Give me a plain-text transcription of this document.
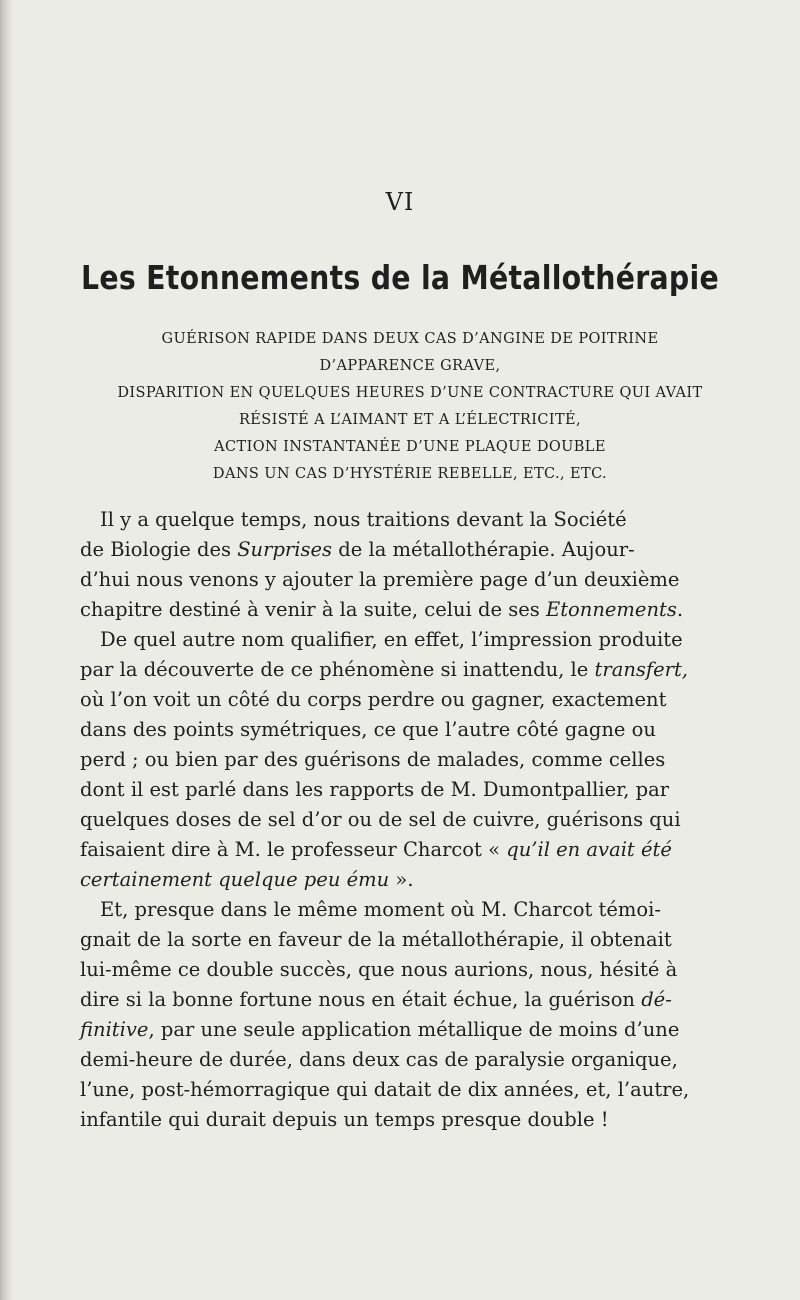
VI
Les Etonnements de la Métallothérapie
GUÉRISON RAPIDE DANS DEUX CAS D’ANGINE DE POITRINE
D’APPARENCE GRAVE,
DISPARITION EN QUELQUES HEURES D’UNE CONTRACTURE QUI AVAIT
RÉSISTÉ A L’AIMANT ET A L’ÉLECTRICITÉ,
ACTION INSTANTANÉE D’UNE PLAQUE DOUBLE
DANS UN CAS D’HYSTÉRIE REBELLE, ETC., ETC.

Il y a quelque temps, nous traitions devant la Société
de Biologie des Surprises de la métallothérapie. Aujour-
d’hui nous venons y ajouter la première page d’un deuxième
chapitre destiné à venir à la suite, celui de ses Etonnements.

De quel autre nom qualifier, en effet, l’impression produite
par la découverte de ce phénomène si inattendu, le transfert,
où l’on voit un côté du corps perdre ou gagner, exactement
dans des points symétriques, ce que l’autre côté gagne ou
perd ; ou bien par des guérisons de malades, comme celles
dont il est parlé dans les rapports de M. Dumontpallier, par
quelques doses de sel d’or ou de sel de cuivre, guérisons qui
faisaient dire à M. le professeur Charcot « qu’il en avait été
certainement quelque peu ému ».

Et, presque dans le même moment où M. Charcot témoi-
gnait de la sorte en faveur de la métallothérapie, il obtenait
lui-même ce double succès, que nous aurions, nous, hésité à
dire si la bonne fortune nous en était échue, la guérison dé-
finitive, par une seule application métallique de moins d’une
demi-heure de durée, dans deux cas de paralysie organique,
l’une, post-hémorragique qui datait de dix années, et, l’autre,
infantile qui durait depuis un temps presque double !
